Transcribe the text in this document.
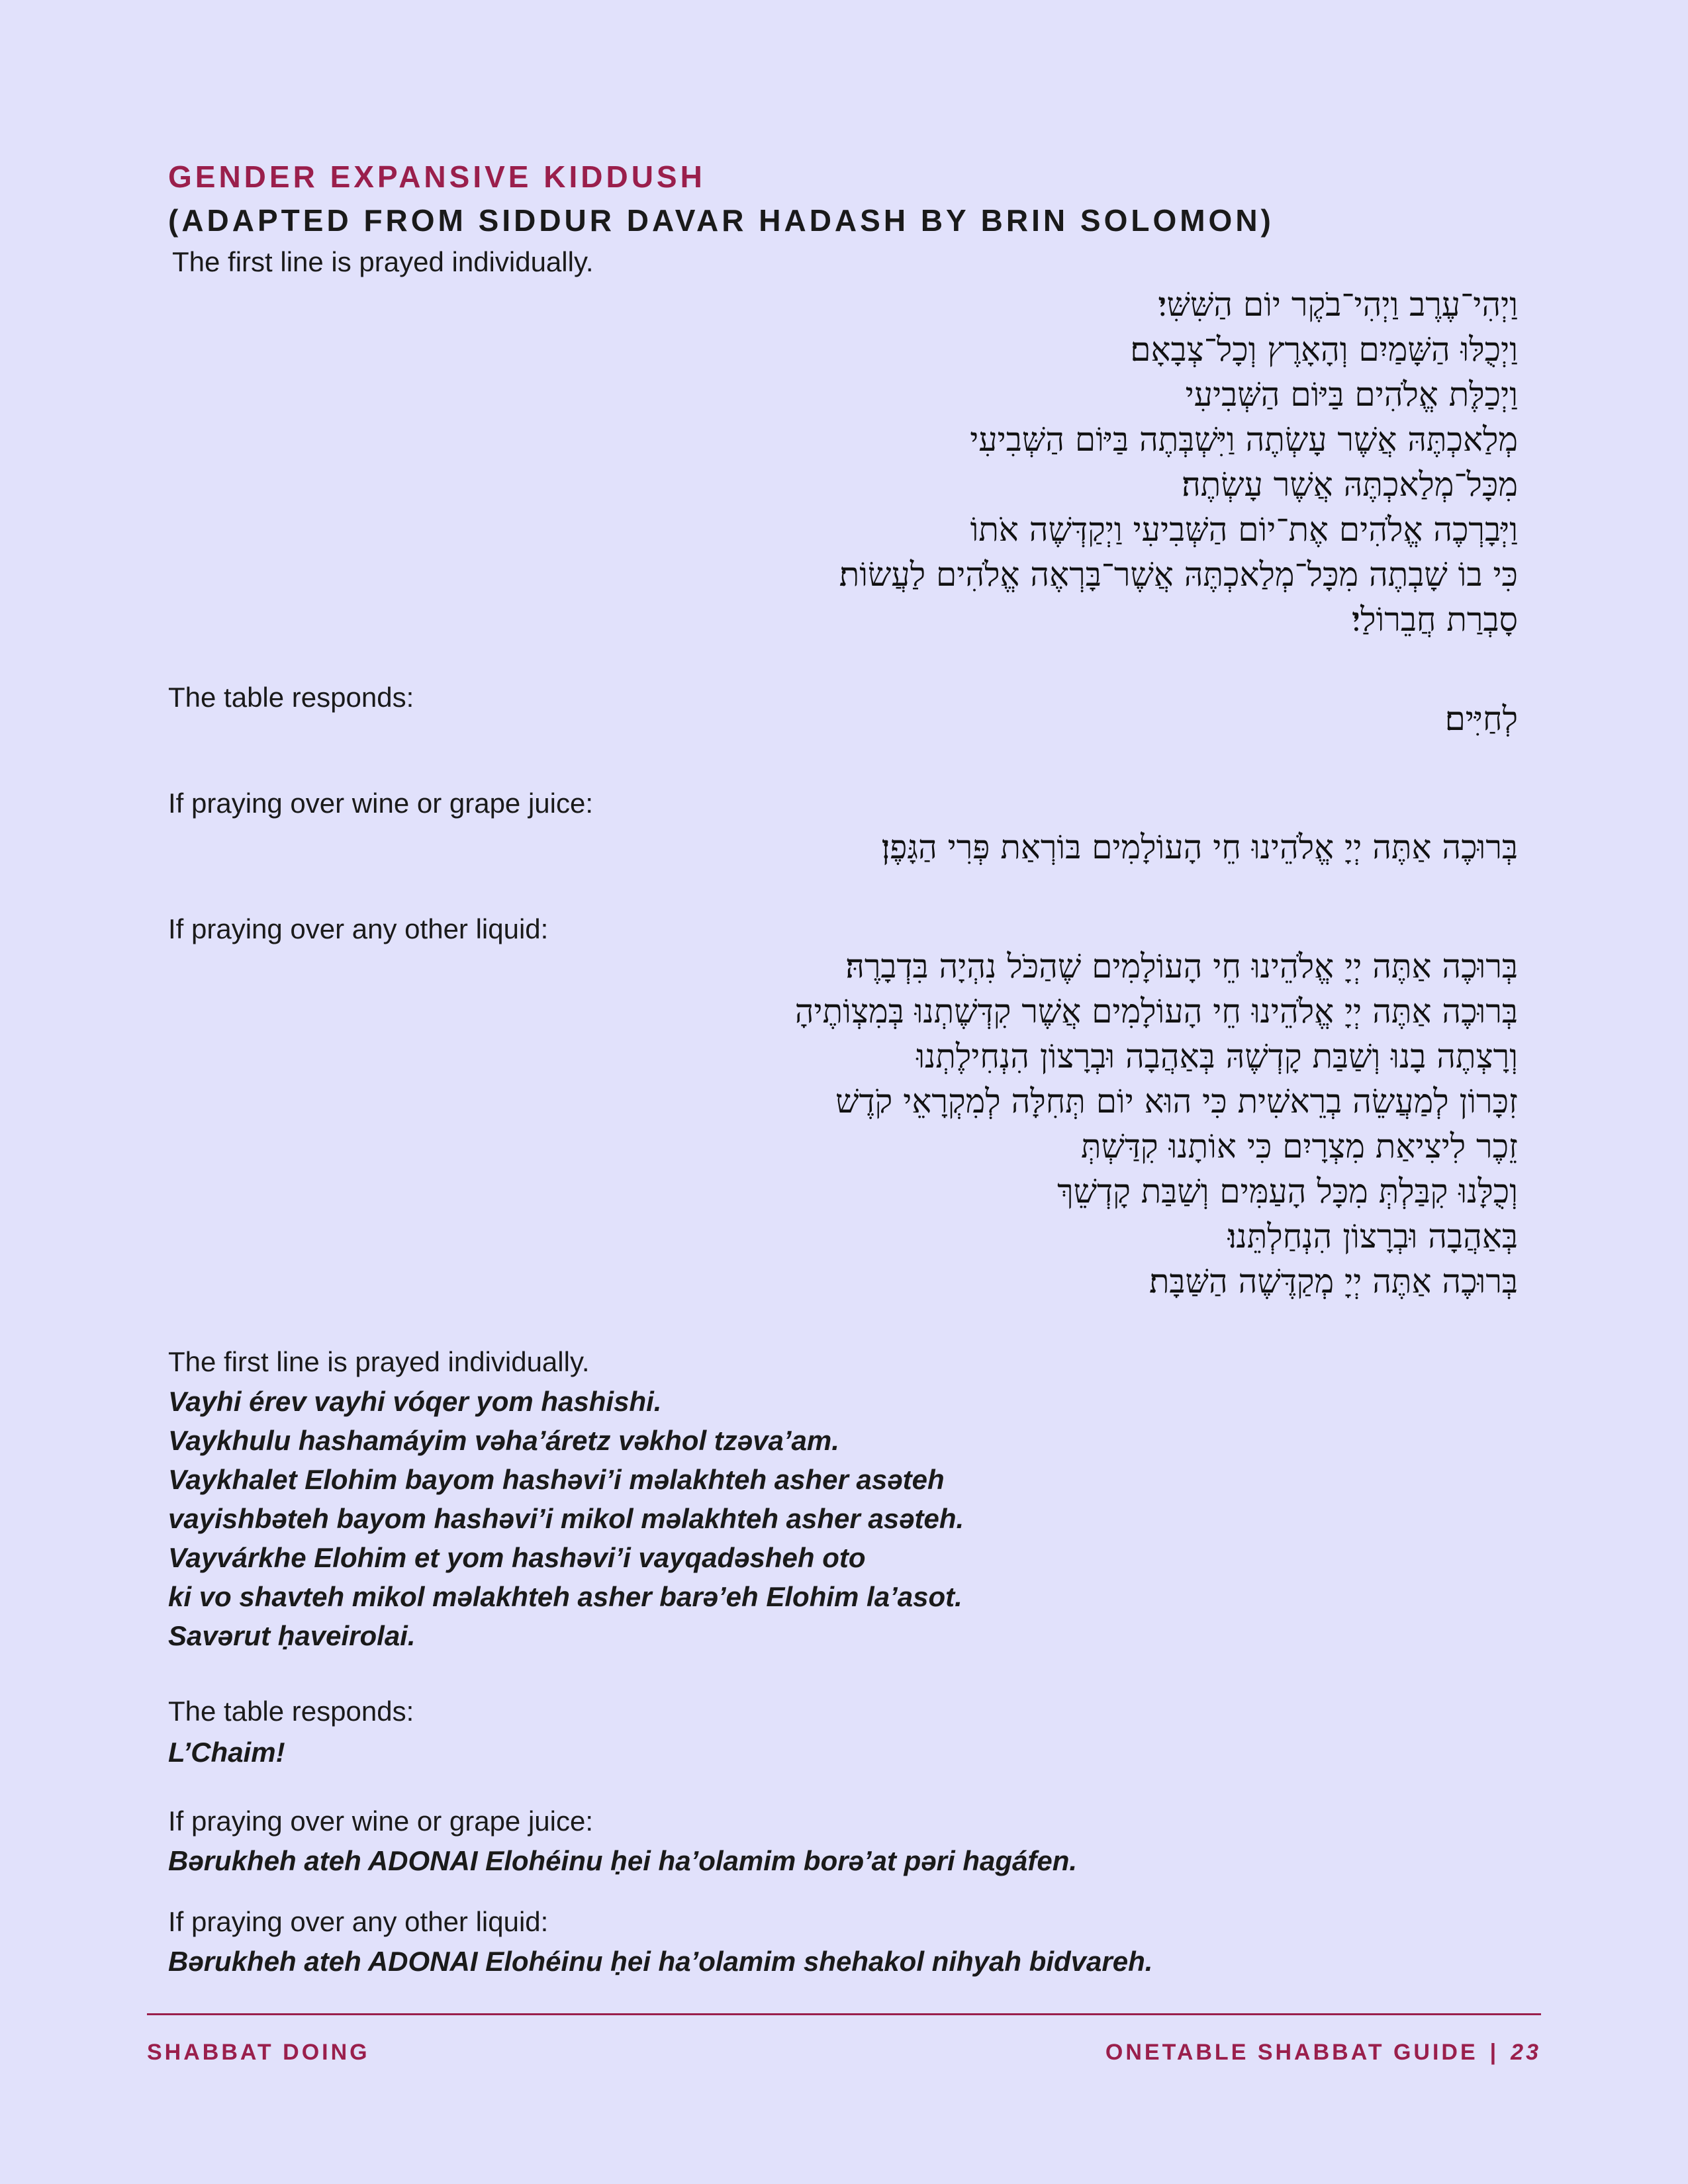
GENDER EXPANSIVE KIDDUSH
(ADAPTED FROM SIDDUR DAVAR HADASH BY BRIN SOLOMON)
The first line is prayed individually.
וַיְהִי־עֶרֶב וַיְהִי־בֹקֶר יוֹם הַשִּׁשִּׁי׃
וַיְכֻלּוּ הַשָּׁמַיִם וְהָאָרֶץ וְכָל־צְבָאָם׃
וַיְכַלֶּת אֱלֹהִים בַּיּוֹם הַשְּׁבִיעִי
מְלַאכְתֶּהּ אֲשֶׁר עָשְׂתֶה וַיִּשְׁבְּתֶה בַּיּוֹם הַשְּׁבִיעִי
מִכָּל־מְלַאכְתֶּהּ אֲשֶׁר עָשְׂתֶה׃
וַיְּבָרְכֶה אֱלֹהִים אֶת־יוֹם הַשְּׁבִיעִי וַיְקַדְּשֶׁה אֹתוֹ
כִּי בוֹ שָׁבְתֶה מִכָּל־מְלַאכְתֶּהּ אֲשֶׁר־בָּרְאֶה אֱלֹהִים לַעֲשׂוֹת׃
סָבְרַת חֲבֵרוֹלַי׃
The table responds:
לְחַיִּים׃
If praying over wine or grape juice:
בְּרוּכֶה אַתֶּה יְיָ אֱלֹהֵינוּ חֵי הָעוֹלָמִים בּוֹרְאַת פְּרִי הַגָּפֶן׃
If praying over any other liquid:
בְּרוּכֶה אַתֶּה יְיָ אֱלֹהֵינוּ חֵי הָעוֹלָמִים שֶׁהַכֹּל נִהְיָה בִּדְבָרֶהּ׃
בְּרוּכֶה אַתֶּה יְיָ אֱלֹהֵינוּ חֵי הָעוֹלָמִים אֲשֶׁר קִדְּשֶׁתְנוּ בְּמִצְוֹתֶיהָ
וְרָצְתֶה בָנוּ וְשַׁבַּת קָדְשֶׁהּ בְּאַהֲבָה וּבְרָצוֹן הִנְחִילֶתְנוּ
זִכָּרוֹן לְמַעֲשֵׂה בְרֵאשִׁית כִּי הוּא יוֹם תְּחִלָּה לְמִקְרָאֵי קֹדֶשׁ
זֵכֶר לִיצִיאַת מִצְרָיִם כִּי אוֹתָנוּ קִדַּשְׁתְּ
וְכֻלָּנוּ קִבַּלְתְּ מִכָּל הָעַמִּים וְשַׁבַּת קָדְשֵׁךְ
בְּאַהֲבָה וּבְרָצוֹן הִנְחַלְתֵּנוּ׃
בְּרוּכֶה אַתֶּה יְיָ מְקַדֶּשֶׁה הַשַּׁבָּת׃
The first line is prayed individually.
Vayhi érev vayhi vóqer yom hashishi.
Vaykhulu hashamáyim vəha’áretz vəkhol tzəva’am.
Vaykhalet Elohim bayom hashəvi’i məlakhteh asher asəteh
vayishbəteh bayom hashəvi’i mikol məlakhteh asher asəteh.
Vayvárkhe Elohim et yom hashəvi’i vayqadəsheh oto
ki vo shavteh mikol məlakhteh asher barə’eh Elohim la’asot.
Savərut ḥaveirolai.
The table responds:
L’Chaim!
If praying over wine or grape juice:
Bərukheh ateh ADONAI Elohéinu ḥei ha’olamim borə’at pəri hagáfen.
If praying over any other liquid:
Bərukheh ateh ADONAI Elohéinu ḥei ha’olamim shehakol nihyah bidvareh.
SHABBAT DOING	ONETABLE SHABBAT GUIDE | 23
